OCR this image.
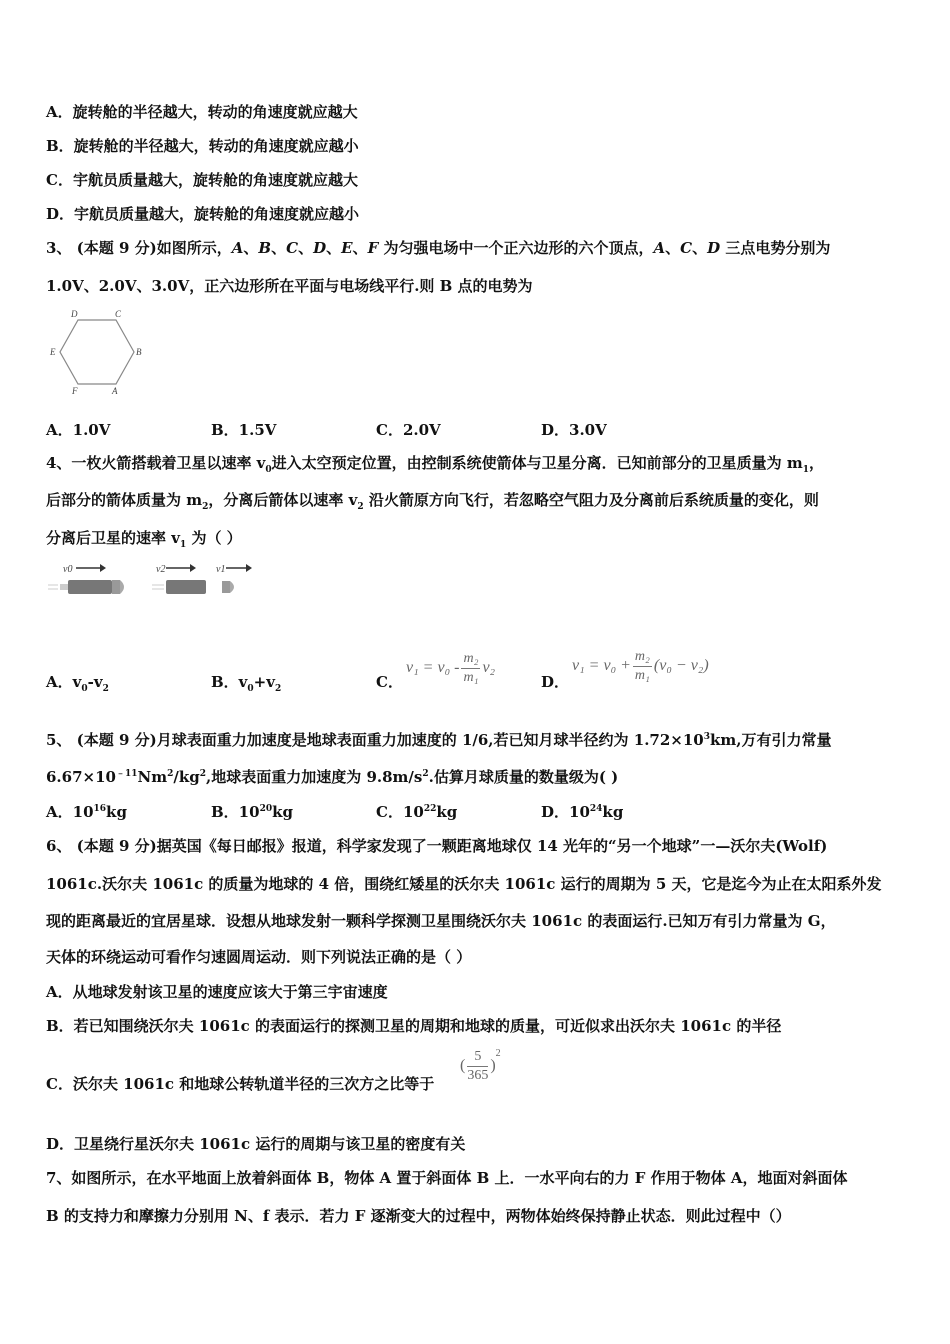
A．旋转舱的半径越大，转动的角速度就应越大
B．旋转舱的半径越大，转动的角速度就应越小
C．宇航员质量越大，旋转舱的角速度就应越大
D．宇航员质量越大，旋转舱的角速度就应越小
3、 (本题 9 分)如图所示，A、B、C、D、E、F 为匀强电场中一个正六边形的六个顶点，A、C、D 三点电势分别为
1.0V、2.0V、3.0V，正六边形所在平面与电场线平行.则 B 点的电势为
D	C
E	B
F	A
A．1.0V	B．1.5V	C．2.0V	D．3.0V
4、一枚火箭搭载着卫星以速率 $v_0$进入太空预定位置，由控制系统使箭体与卫星分离．已知前部分的卫星质量为 $m_1$，
后部分的箭体质量为 $m_2$，分离后箭体以速率 $v_2$ 沿火箭原方向飞行，若忽略空气阻力及分离前后系统质量的变化，则
分离后卫星的速率 $v_1$ 为（ ）
v0	v2	v1
A．$v_0-v_2$	B．$v_0+v_2$	C．
$v_1 = v_0 - \frac{\text{m₂}}{\text{m₁}} v_2$
D．
$v_1 = v_0 + \frac{\text{m₂}}{\text{m₁}} (v_0 - v_2)$
5、 (本题 9 分)月球表面重力加速度是地球表面重力加速度的 1/6,若已知月球半径约为 $1.72\times 10^3km$,万有引力常量
$6.67\times 10^{﹣11}Nm^2/kg^2$,地球表面重力加速度为 $9.8m/s^2$.估算月球质量的数量级为( )
A．$10^{16}kg$	B．$10^{20}kg$	C．$10^{22}kg$	D．$10^{24}kg$
6、 (本题 9 分)据英国《每日邮报》报道，科学家发现了一颗距离地球仅 14 光年的“另一个地球”一—沃尔夫(Wolf)
1061c.沃尔夫 1061c 的质量为地球的 4 倍，围绕红矮星的沃尔夫 1061c 运行的周期为 5 天，它是迄今为止在太阳系外发
现的距离最近的宜居星球．设想从地球发射一颗科学探测卫星围绕沃尔夫 1061c 的表面运行.已知万有引力常量为 G，
天体的环绕运动可看作匀速圆周运动．则下列说法正确的是（ ）
A．从地球发射该卫星的速度应该大于第三宇宙速度
B．若已知围绕沃尔夫 1061c 的表面运行的探测卫星的周期和地球的质量，可近似求出沃尔夫 1061c 的半径
C．沃尔夫 1061c 和地球公转轨道半径的三次方之比等于
( $\frac{5}{365} )^2$
D．卫星绕行星沃尔夫 1061c 运行的周期与该卫星的密度有关
7、如图所示，在水平地面上放着斜面体 B，物体 A 置于斜面体 B 上．一水平向右的力 F 作用于物体 A，地面对斜面体
B 的支持力和摩擦力分别用 N、f 表示．若力 F 逐渐变大的过程中，两物体始终保持静止状态．则此过程中（）
